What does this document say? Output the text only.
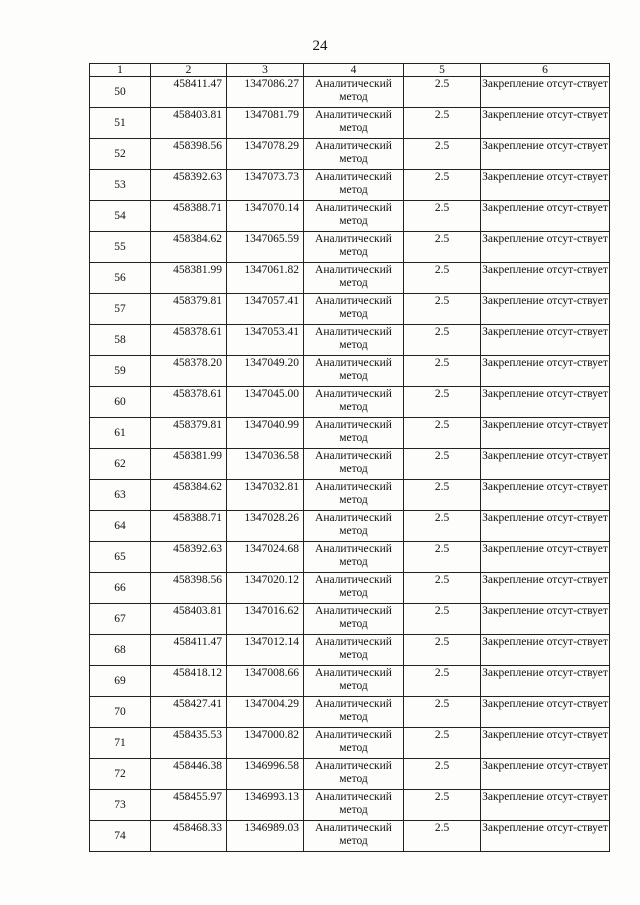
24
1	2	3	4	5	6
50	458411.47	1347086.27	Аналитический метод	2.5	Закрепление отсут-ствует
51	458403.81	1347081.79	Аналитический метод	2.5	Закрепление отсут-ствует
52	458398.56	1347078.29	Аналитический метод	2.5	Закрепление отсут-ствует
53	458392.63	1347073.73	Аналитический метод	2.5	Закрепление отсут-ствует
54	458388.71	1347070.14	Аналитический метод	2.5	Закрепление отсут-ствует
55	458384.62	1347065.59	Аналитический метод	2.5	Закрепление отсут-ствует
56	458381.99	1347061.82	Аналитический метод	2.5	Закрепление отсут-ствует
57	458379.81	1347057.41	Аналитический метод	2.5	Закрепление отсут-ствует
58	458378.61	1347053.41	Аналитический метод	2.5	Закрепление отсут-ствует
59	458378.20	1347049.20	Аналитический метод	2.5	Закрепление отсут-ствует
60	458378.61	1347045.00	Аналитический метод	2.5	Закрепление отсут-ствует
61	458379.81	1347040.99	Аналитический метод	2.5	Закрепление отсут-ствует
62	458381.99	1347036.58	Аналитический метод	2.5	Закрепление отсут-ствует
63	458384.62	1347032.81	Аналитический метод	2.5	Закрепление отсут-ствует
64	458388.71	1347028.26	Аналитический метод	2.5	Закрепление отсут-ствует
65	458392.63	1347024.68	Аналитический метод	2.5	Закрепление отсут-ствует
66	458398.56	1347020.12	Аналитический метод	2.5	Закрепление отсут-ствует
67	458403.81	1347016.62	Аналитический метод	2.5	Закрепление отсут-ствует
68	458411.47	1347012.14	Аналитический метод	2.5	Закрепление отсут-ствует
69	458418.12	1347008.66	Аналитический метод	2.5	Закрепление отсут-ствует
70	458427.41	1347004.29	Аналитический метод	2.5	Закрепление отсут-ствует
71	458435.53	1347000.82	Аналитический метод	2.5	Закрепление отсут-ствует
72	458446.38	1346996.58	Аналитический метод	2.5	Закрепление отсут-ствует
73	458455.97	1346993.13	Аналитический метод	2.5	Закрепление отсут-ствует
74	458468.33	1346989.03	Аналитический метод	2.5	Закрепление отсут-ствует
